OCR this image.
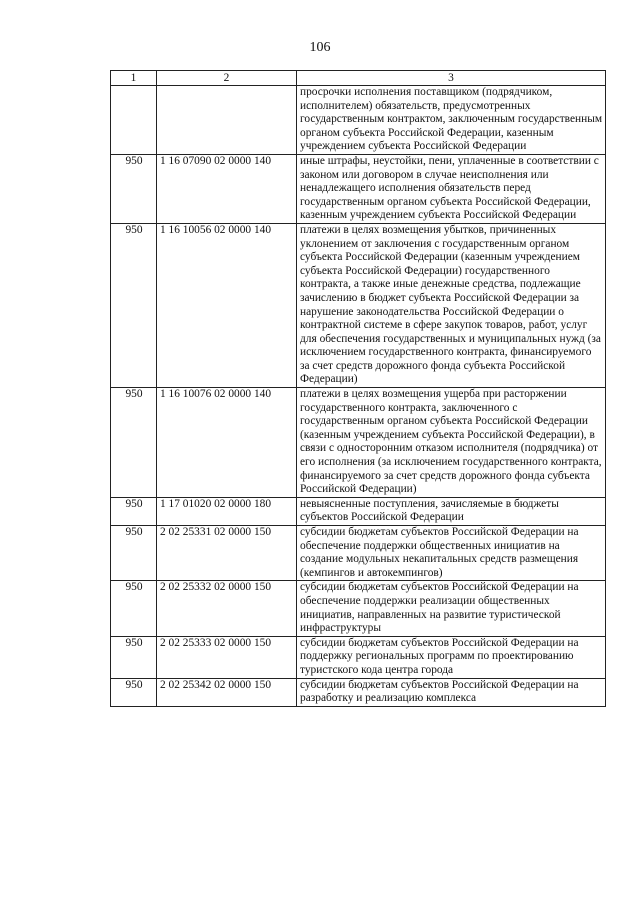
106
1	2	3
		просрочки исполнения поставщиком (подрядчиком, исполнителем) обязательств, предусмотренных государственным контрактом, заключенным государственным органом субъекта Российской Федерации, казенным учреждением субъекта Российской Федерации
950	1 16 07090 02 0000 140	иные штрафы, неустойки, пени, уплаченные в соответствии с законом или договором в случае неисполнения или ненадлежащего исполнения обязательств перед государственным органом субъекта Российской Федерации, казенным учреждением субъекта Российской Федерации
950	1 16 10056 02 0000 140	платежи в целях возмещения убытков, причиненных уклонением от заключения с государственным органом субъекта Российской Федерации (казенным учреждением субъекта Российской Федерации) государственного контракта, а также иные денежные средства, подлежащие зачислению в бюджет субъекта Российской Федерации за нарушение законодательства Российской Федерации о контрактной системе в сфере закупок товаров, работ, услуг для обеспечения государственных и муниципальных нужд (за исключением государственного контракта, финансируемого за счет средств дорожного фонда субъекта Российской Федерации)
950	1 16 10076 02 0000 140	платежи в целях возмещения ущерба при расторжении государственного контракта, заключенного с государственным органом субъекта Российской Федерации (казенным учреждением субъекта Российской Федерации), в связи с односторонним отказом исполнителя (подрядчика) от его исполнения (за исключением государственного контракта, финансируемого за счет средств дорожного фонда субъекта Российской Федерации)
950	1 17 01020 02 0000 180	невыясненные поступления, зачисляемые в бюджеты субъектов Российской Федерации
950	2 02 25331 02 0000 150	субсидии бюджетам субъектов Российской Федерации на обеспечение поддержки общественных инициатив на создание модульных некапитальных средств размещения (кемпингов и автокемпингов)
950	2 02 25332 02 0000 150	субсидии бюджетам субъектов Российской Федерации на обеспечение поддержки реализации общественных инициатив, направленных на развитие туристической инфраструктуры
950	2 02 25333 02 0000 150	субсидии бюджетам субъектов Российской Федерации на поддержку региональных программ по проектированию туристского кода центра города
950	2 02 25342 02 0000 150	субсидии бюджетам субъектов Российской Федерации на разработку и реализацию комплекса
